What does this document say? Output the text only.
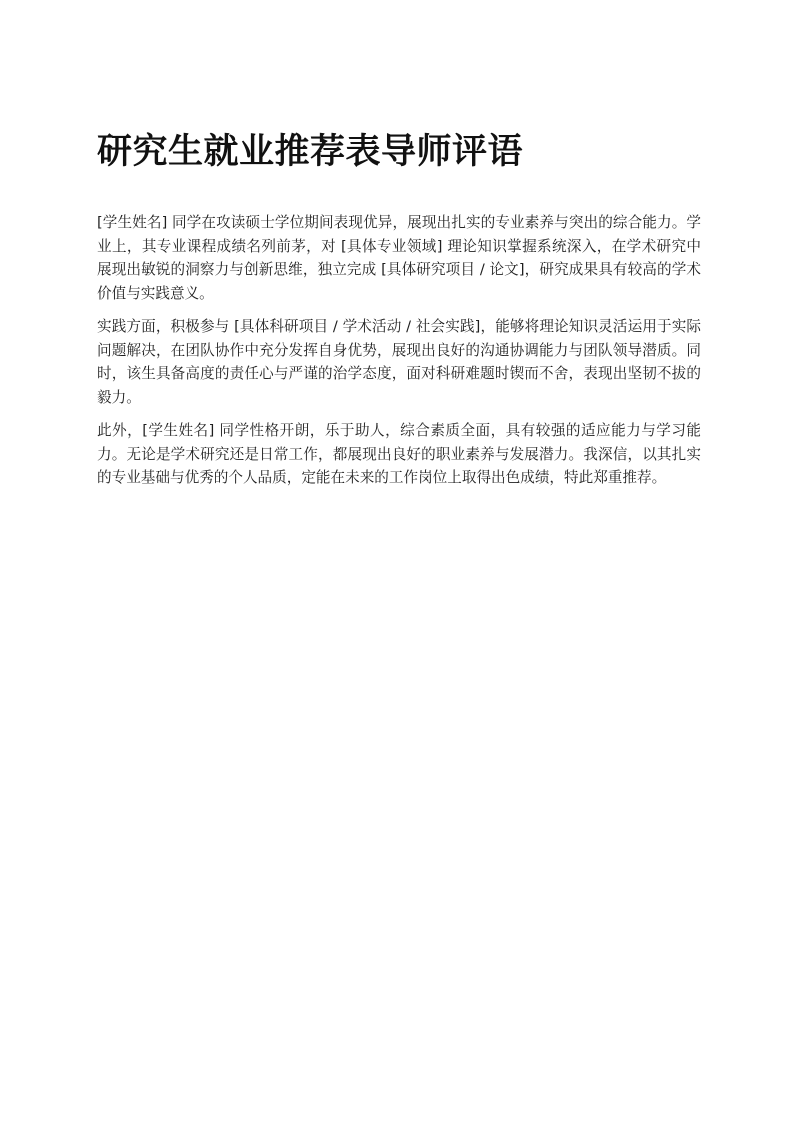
研究生就业推荐表导师评语

[学生姓名] 同学在攻读硕士学位期间表现优异，展现出扎实的专业素养与突出的综合能力。学业上，其专业课程成绩名列前茅，对 [具体专业领域] 理论知识掌握系统深入，在学术研究中展现出敏锐的洞察力与创新思维，独立完成 [具体研究项目 / 论文]，研究成果具有较高的学术价值与实践意义。

实践方面，积极参与 [具体科研项目 / 学术活动 / 社会实践]，能够将理论知识灵活运用于实际问题解决，在团队协作中充分发挥自身优势，展现出良好的沟通协调能力与团队领导潜质。同时，该生具备高度的责任心与严谨的治学态度，面对科研难题时锲而不舍，表现出坚韧不拔的毅力。

此外，[学生姓名] 同学性格开朗，乐于助人，综合素质全面，具有较强的适应能力与学习能力。无论是学术研究还是日常工作，都展现出良好的职业素养与发展潜力。我深信，以其扎实的专业基础与优秀的个人品质，定能在未来的工作岗位上取得出色成绩，特此郑重推荐。
